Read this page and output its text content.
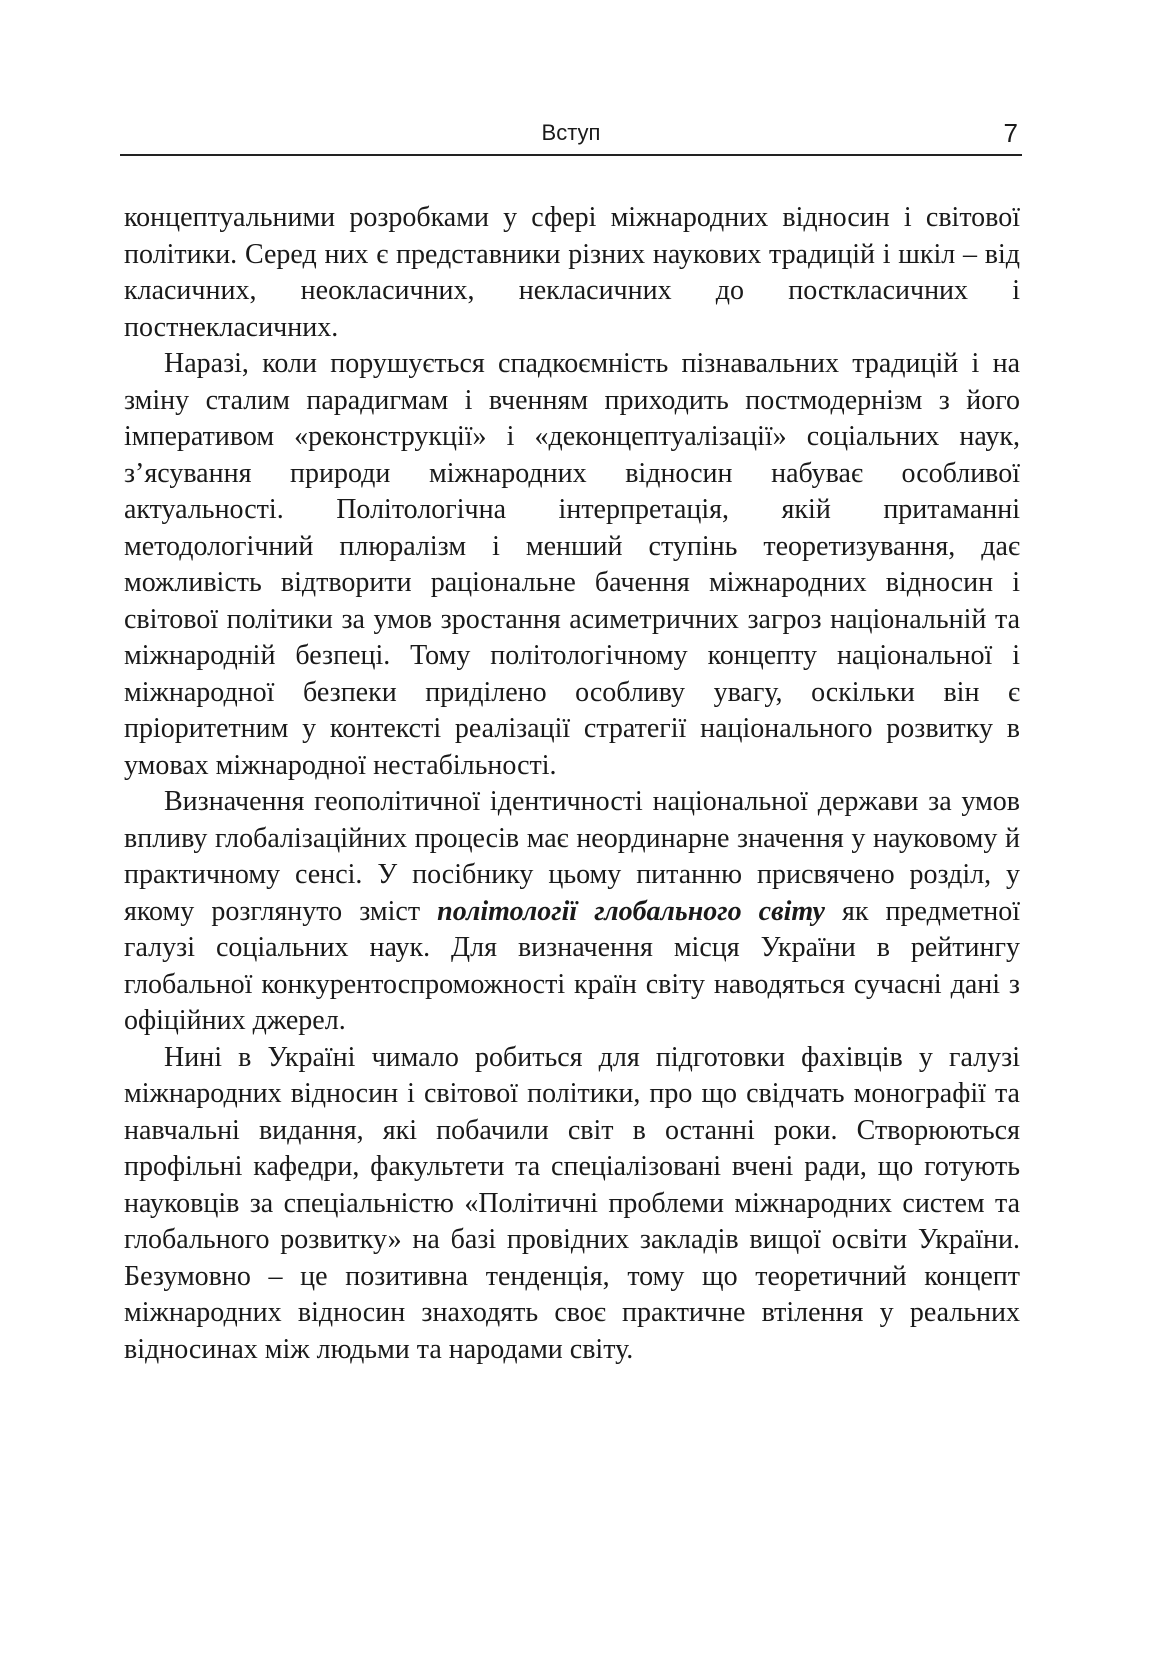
Вступ	7

концептуальними розробками у сфері міжнародних відносин і світової політики. Серед них є представники різних наукових традицій і шкіл – від класичних, неокласичних, некласичних до посткласичних і постнекласичних.

Наразі, коли порушується спадкоємність пізнавальних традицій і на зміну сталим парадигмам і вченням приходить постмодернізм з його імперативом «реконструкції» і «деконцептуалізації» соціальних наук, з’ясування природи міжнародних відносин набуває особливої актуальності. Політологічна інтерпретація, якій притаманні методологічний плюралізм і менший ступінь теоретизування, дає можливість відтворити раціональне бачення міжнародних відносин і світової політики за умов зростання асиметричних загроз національній та міжнародній безпеці. Тому політологічному концепту національної і міжнародної безпеки приділено особливу увагу, оскільки він є пріоритетним у контексті реалізації стратегії національного розвитку в умовах міжнародної нестабільності.

Визначення геополітичної ідентичності національної держави за умов впливу глобалізаційних процесів має неординарне значення у науковому й практичному сенсі. У посібнику цьому питанню присвячено розділ, у якому розглянуто зміст політології глобального світу як предметної галузі соціальних наук. Для визначення місця України в рейтингу глобальної конкурентоспроможності країн світу наводяться сучасні дані з офіційних джерел.

Нині в Україні чимало робиться для підготовки фахівців у галузі міжнародних відносин і світової політики, про що свідчать монографії та навчальні видання, які побачили світ в останні роки. Створюються профільні кафедри, факультети та спеціалізовані вчені ради, що готують науковців за спеціальністю «Політичні проблеми міжнародних систем та глобального розвитку» на базі провідних закладів вищої освіти України. Безумовно – це позитивна тенденція, тому що теоретичний концепт міжнародних відносин знаходять своє практичне втілення у реальних відносинах між людьми та народами світу.
